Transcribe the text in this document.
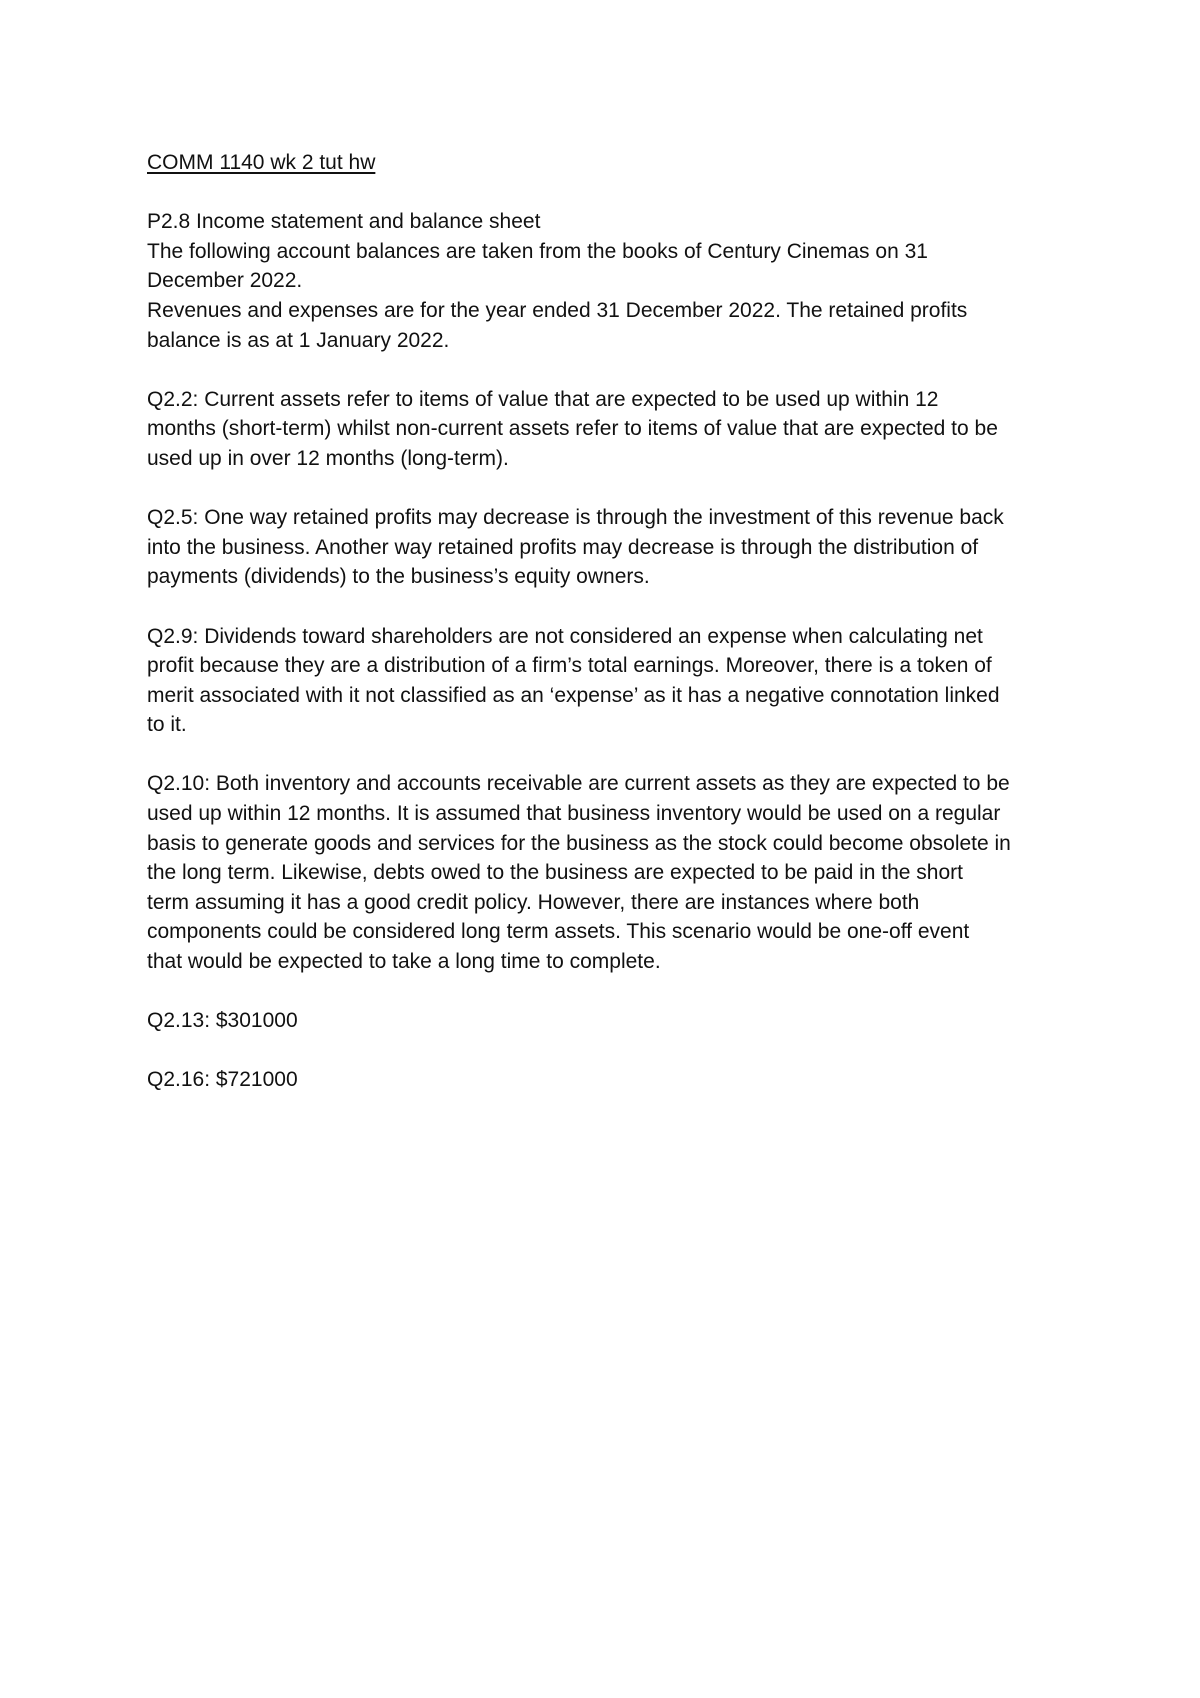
COMM 1140 wk 2 tut hw
P2.8 Income statement and balance sheet
The following account balances are taken from the books of Century Cinemas on 31
December 2022.
Revenues and expenses are for the year ended 31 December 2022. The retained profits
balance is as at 1 January 2022.
Q2.2: Current assets refer to items of value that are expected to be used up within 12
months (short-term) whilst non-current assets refer to items of value that are expected to be
used up in over 12 months (long-term).
Q2.5: One way retained profits may decrease is through the investment of this revenue back
into the business. Another way retained profits may decrease is through the distribution of
payments (dividends) to the business’s equity owners.
Q2.9: Dividends toward shareholders are not considered an expense when calculating net
profit because they are a distribution of a firm’s total earnings. Moreover, there is a token of
merit associated with it not classified as an ‘expense’ as it has a negative connotation linked
to it.
Q2.10: Both inventory and accounts receivable are current assets as they are expected to be
used up within 12 months. It is assumed that business inventory would be used on a regular
basis to generate goods and services for the business as the stock could become obsolete in
the long term. Likewise, debts owed to the business are expected to be paid in the short
term assuming it has a good credit policy. However, there are instances where both
components could be considered long term assets. This scenario would be one-off event
that would be expected to take a long time to complete.
Q2.13: $301000
Q2.16: $721000
